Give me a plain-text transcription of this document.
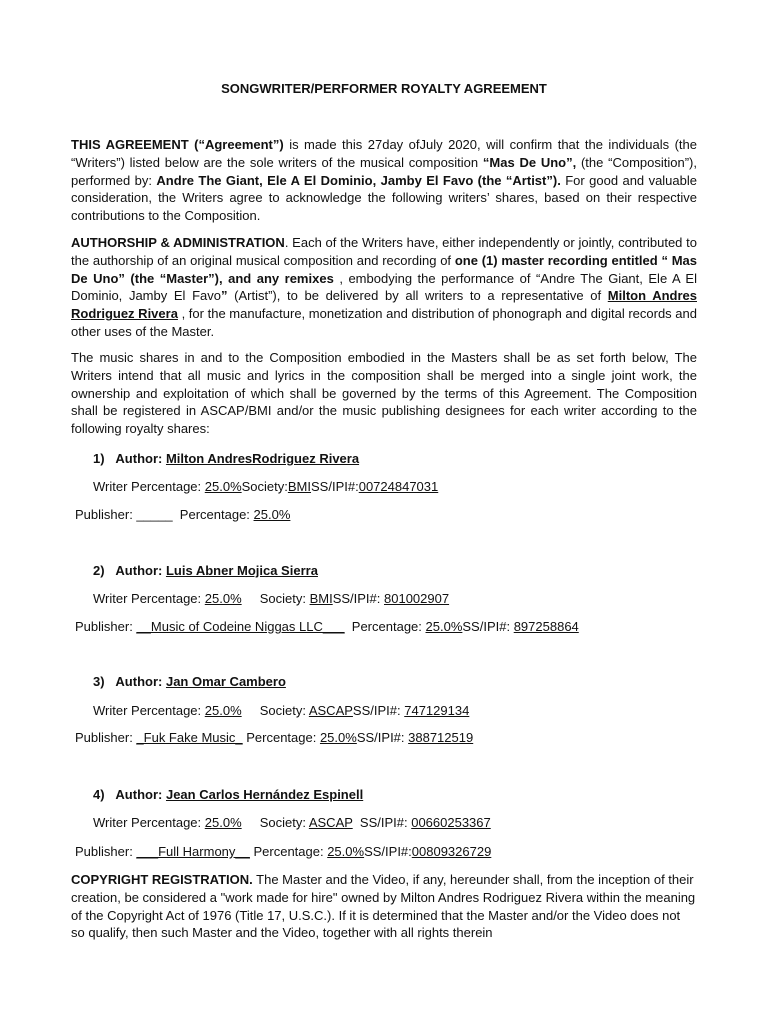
SONGWRITER/PERFORMER ROYALTY AGREEMENT

THIS AGREEMENT (“Agreement”) is made this 27day ofJuly 2020, will confirm that the individuals (the “Writers”) listed below are the sole writers of the musical composition “Mas De Uno”, (the “Composition”), performed by: Andre The Giant, Ele A El Dominio, Jamby El Favo (the “Artist”). For good and valuable consideration, the Writers agree to acknowledge the following writers’ shares, based on their respective contributions to the Composition.

AUTHORSHIP & ADMINISTRATION. Each of the Writers have, either independently or jointly, contributed to the authorship of an original musical composition and recording of one (1) master recording entitled “ Mas De Uno” (the “Master”), and any remixes , embodying the performance of “Andre The Giant, Ele A El Dominio, Jamby El Favo” (Artist”), to be delivered by all writers to a representative of Milton Andres Rodriguez Rivera , for the manufacture, monetization and distribution of phonograph and digital records and other uses of the Master.

The music shares in and to the Composition embodied in the Masters shall be as set forth below, The Writers intend that all music and lyrics in the composition shall be merged into a single joint work, the ownership and exploitation of which shall be governed by the terms of this Agreement. The Composition shall be registered in ASCAP/BMI and/or the music publishing designees for each writer according to the following royalty shares:

1) Author: Milton AndresRodriguez Rivera
Writer Percentage: 25.0%Society:BMISS/IPI#:00724847031
Publisher: _____  Percentage: 25.0%
2) Author: Luis Abner Mojica Sierra
Writer Percentage: 25.0%     Society: BMISS/IPI#: 801002907
Publisher: __Music of Codeine Niggas LLC___  Percentage: 25.0%SS/IPI#: 897258864
3) Author: Jan Omar Cambero
Writer Percentage: 25.0%     Society: ASCAPSS/IPI#: 747129134
Publisher: _Fuk Fake Music_ Percentage: 25.0%SS/IPI#: 388712519
4) Author: Jean Carlos Hernández Espinell
Writer Percentage: 25.0%     Society: ASCAP  SS/IPI#: 00660253367
Publisher: ___Full Harmony__ Percentage: 25.0%SS/IPI#:00809326729

COPYRIGHT REGISTRATION. The Master and the Video, if any, hereunder shall, from the inception of their creation, be considered a "work made for hire" owned by Milton Andres Rodriguez Rivera within the meaning of the Copyright Act of 1976 (Title 17, U.S.C.). If it is determined that the Master and/or the Video does not so qualify, then such Master and the Video, together with all rights therein
